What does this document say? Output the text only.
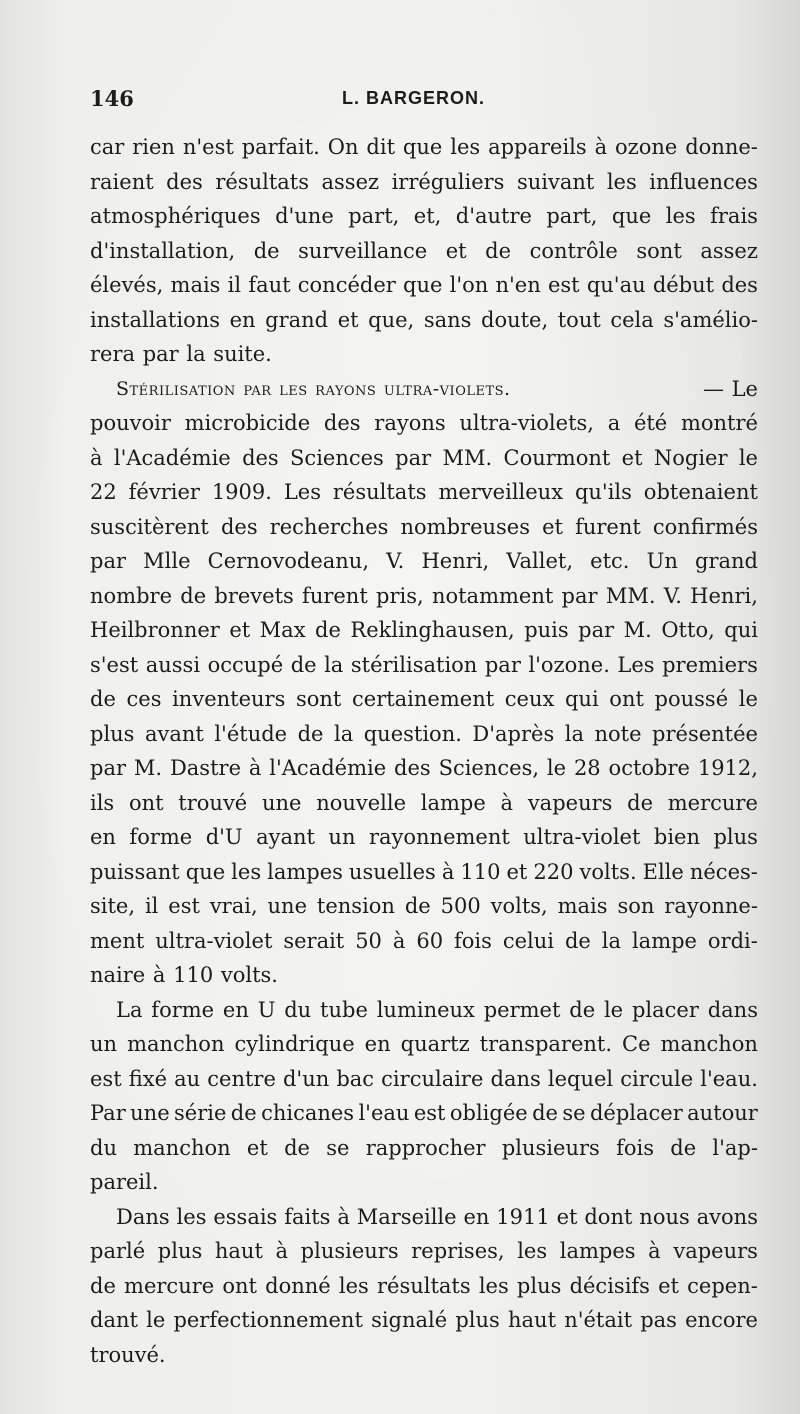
146	L. BARGERON.
car rien n'est parfait. On dit que les appareils à ozone donne-
raient des résultats assez irréguliers suivant les influences
atmosphériques d'une part, et, d'autre part, que les frais
d'installation, de surveillance et de contrôle sont assez
élevés, mais il faut concéder que l'on n'en est qu'au début des
installations en grand et que, sans doute, tout cela s'amélio-
rera par la suite.
Stérilisation par les rayons ultra-violets.	— Le
pouvoir microbicide des rayons ultra-violets, a été montré
à l'Académie des Sciences par MM. Courmont et Nogier le
22 février 1909. Les résultats merveilleux qu'ils obtenaient
suscitèrent des recherches nombreuses et furent confirmés
par Mlle Cernovodeanu, V. Henri, Vallet, etc. Un grand
nombre de brevets furent pris, notamment par MM. V. Henri,
Heilbronner et Max de Reklinghausen, puis par M. Otto, qui
s'est aussi occupé de la stérilisation par l'ozone. Les premiers
de ces inventeurs sont certainement ceux qui ont poussé le
plus avant l'étude de la question. D'après la note présentée
par M. Dastre à l'Académie des Sciences, le 28 octobre 1912,
ils ont trouvé une nouvelle lampe à vapeurs de mercure
en forme d'U ayant un rayonnement ultra-violet bien plus
puissant que les lampes usuelles à 110 et 220 volts. Elle néces-
site, il est vrai, une tension de 500 volts, mais son rayonne-
ment ultra-violet serait 50 à 60 fois celui de la lampe ordi-
naire à 110 volts.
La forme en U du tube lumineux permet de le placer dans
un manchon cylindrique en quartz transparent. Ce manchon
est fixé au centre d'un bac circulaire dans lequel circule l'eau.
Par une série de chicanes l'eau est obligée de se déplacer autour
du manchon et de se rapprocher plusieurs fois de l'ap-
pareil.
Dans les essais faits à Marseille en 1911 et dont nous avons
parlé plus haut à plusieurs reprises, les lampes à vapeurs
de mercure ont donné les résultats les plus décisifs et cepen-
dant le perfectionnement signalé plus haut n'était pas encore
trouvé.
